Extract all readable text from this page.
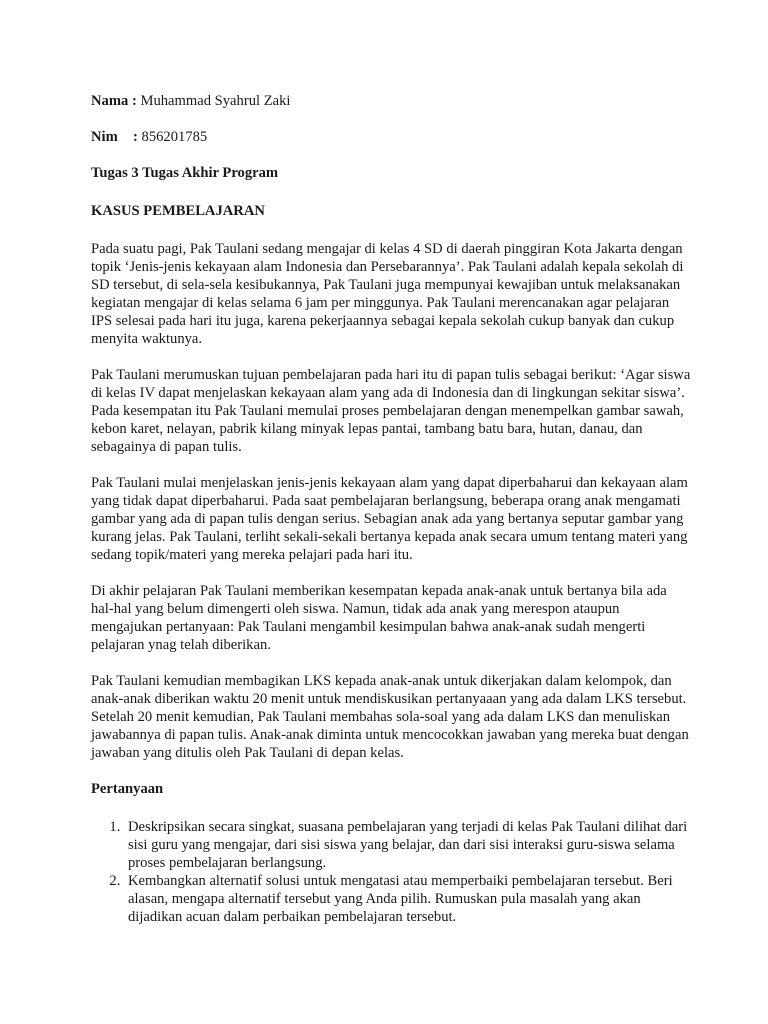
Nama : Muhammad Syahrul Zaki
Nim : 856201785
Tugas 3 Tugas Akhir Program
KASUS PEMBELAJARAN

Pada suatu pagi, Pak Taulani sedang mengajar di kelas 4 SD di daerah pinggiran Kota Jakarta dengan topik ‘Jenis-jenis kekayaan alam Indonesia dan Persebarannya’. Pak Taulani adalah kepala sekolah di SD tersebut, di sela-sela kesibukannya, Pak Taulani juga mempunyai kewajiban untuk melaksanakan kegiatan mengajar di kelas selama 6 jam per minggunya. Pak Taulani merencanakan agar pelajaran IPS selesai pada hari itu juga, karena pekerjaannya sebagai kepala sekolah cukup banyak dan cukup menyita waktunya.

Pak Taulani merumuskan tujuan pembelajaran pada hari itu di papan tulis sebagai berikut: ‘Agar siswa di kelas IV dapat menjelaskan kekayaan alam yang ada di Indonesia dan di lingkungan sekitar siswa’. Pada kesempatan itu Pak Taulani memulai proses pembelajaran dengan menempelkan gambar sawah, kebon karet, nelayan, pabrik kilang minyak lepas pantai, tambang batu bara, hutan, danau, dan sebagainya di papan tulis.

Pak Taulani mulai menjelaskan jenis-jenis kekayaan alam yang dapat diperbaharui dan kekayaan alam yang tidak dapat diperbaharui. Pada saat pembelajaran berlangsung, beberapa orang anak mengamati gambar yang ada di papan tulis dengan serius. Sebagian anak ada yang bertanya seputar gambar yang kurang jelas. Pak Taulani, terliht sekali-sekali bertanya kepada anak secara umum tentang materi yang sedang topik/materi yang mereka pelajari pada hari itu.

Di akhir pelajaran Pak Taulani memberikan kesempatan kepada anak-anak untuk bertanya bila ada hal-hal yang belum dimengerti oleh siswa. Namun, tidak ada anak yang merespon ataupun mengajukan pertanyaan: Pak Taulani mengambil kesimpulan bahwa anak-anak sudah mengerti pelajaran ynag telah diberikan.

Pak Taulani kemudian membagikan LKS kepada anak-anak untuk dikerjakan dalam kelompok, dan anak-anak diberikan waktu 20 menit untuk mendiskusikan pertanyaaan yang ada dalam LKS tersebut. Setelah 20 menit kemudian, Pak Taulani membahas sola-soal yang ada dalam LKS dan menuliskan jawabannya di papan tulis. Anak-anak diminta untuk mencocokkan jawaban yang mereka buat dengan jawaban yang ditulis oleh Pak Taulani di depan kelas.

Pertanyaan
1. Deskripsikan secara singkat, suasana pembelajaran yang terjadi di kelas Pak Taulani dilihat dari sisi guru yang mengajar, dari sisi siswa yang belajar, dan dari sisi interaksi guru-siswa selama proses pembelajaran berlangsung.
2. Kembangkan alternatif solusi untuk mengatasi atau memperbaiki pembelajaran tersebut. Beri alasan, mengapa alternatif tersebut yang Anda pilih. Rumuskan pula masalah yang akan dijadikan acuan dalam perbaikan pembelajaran tersebut.
